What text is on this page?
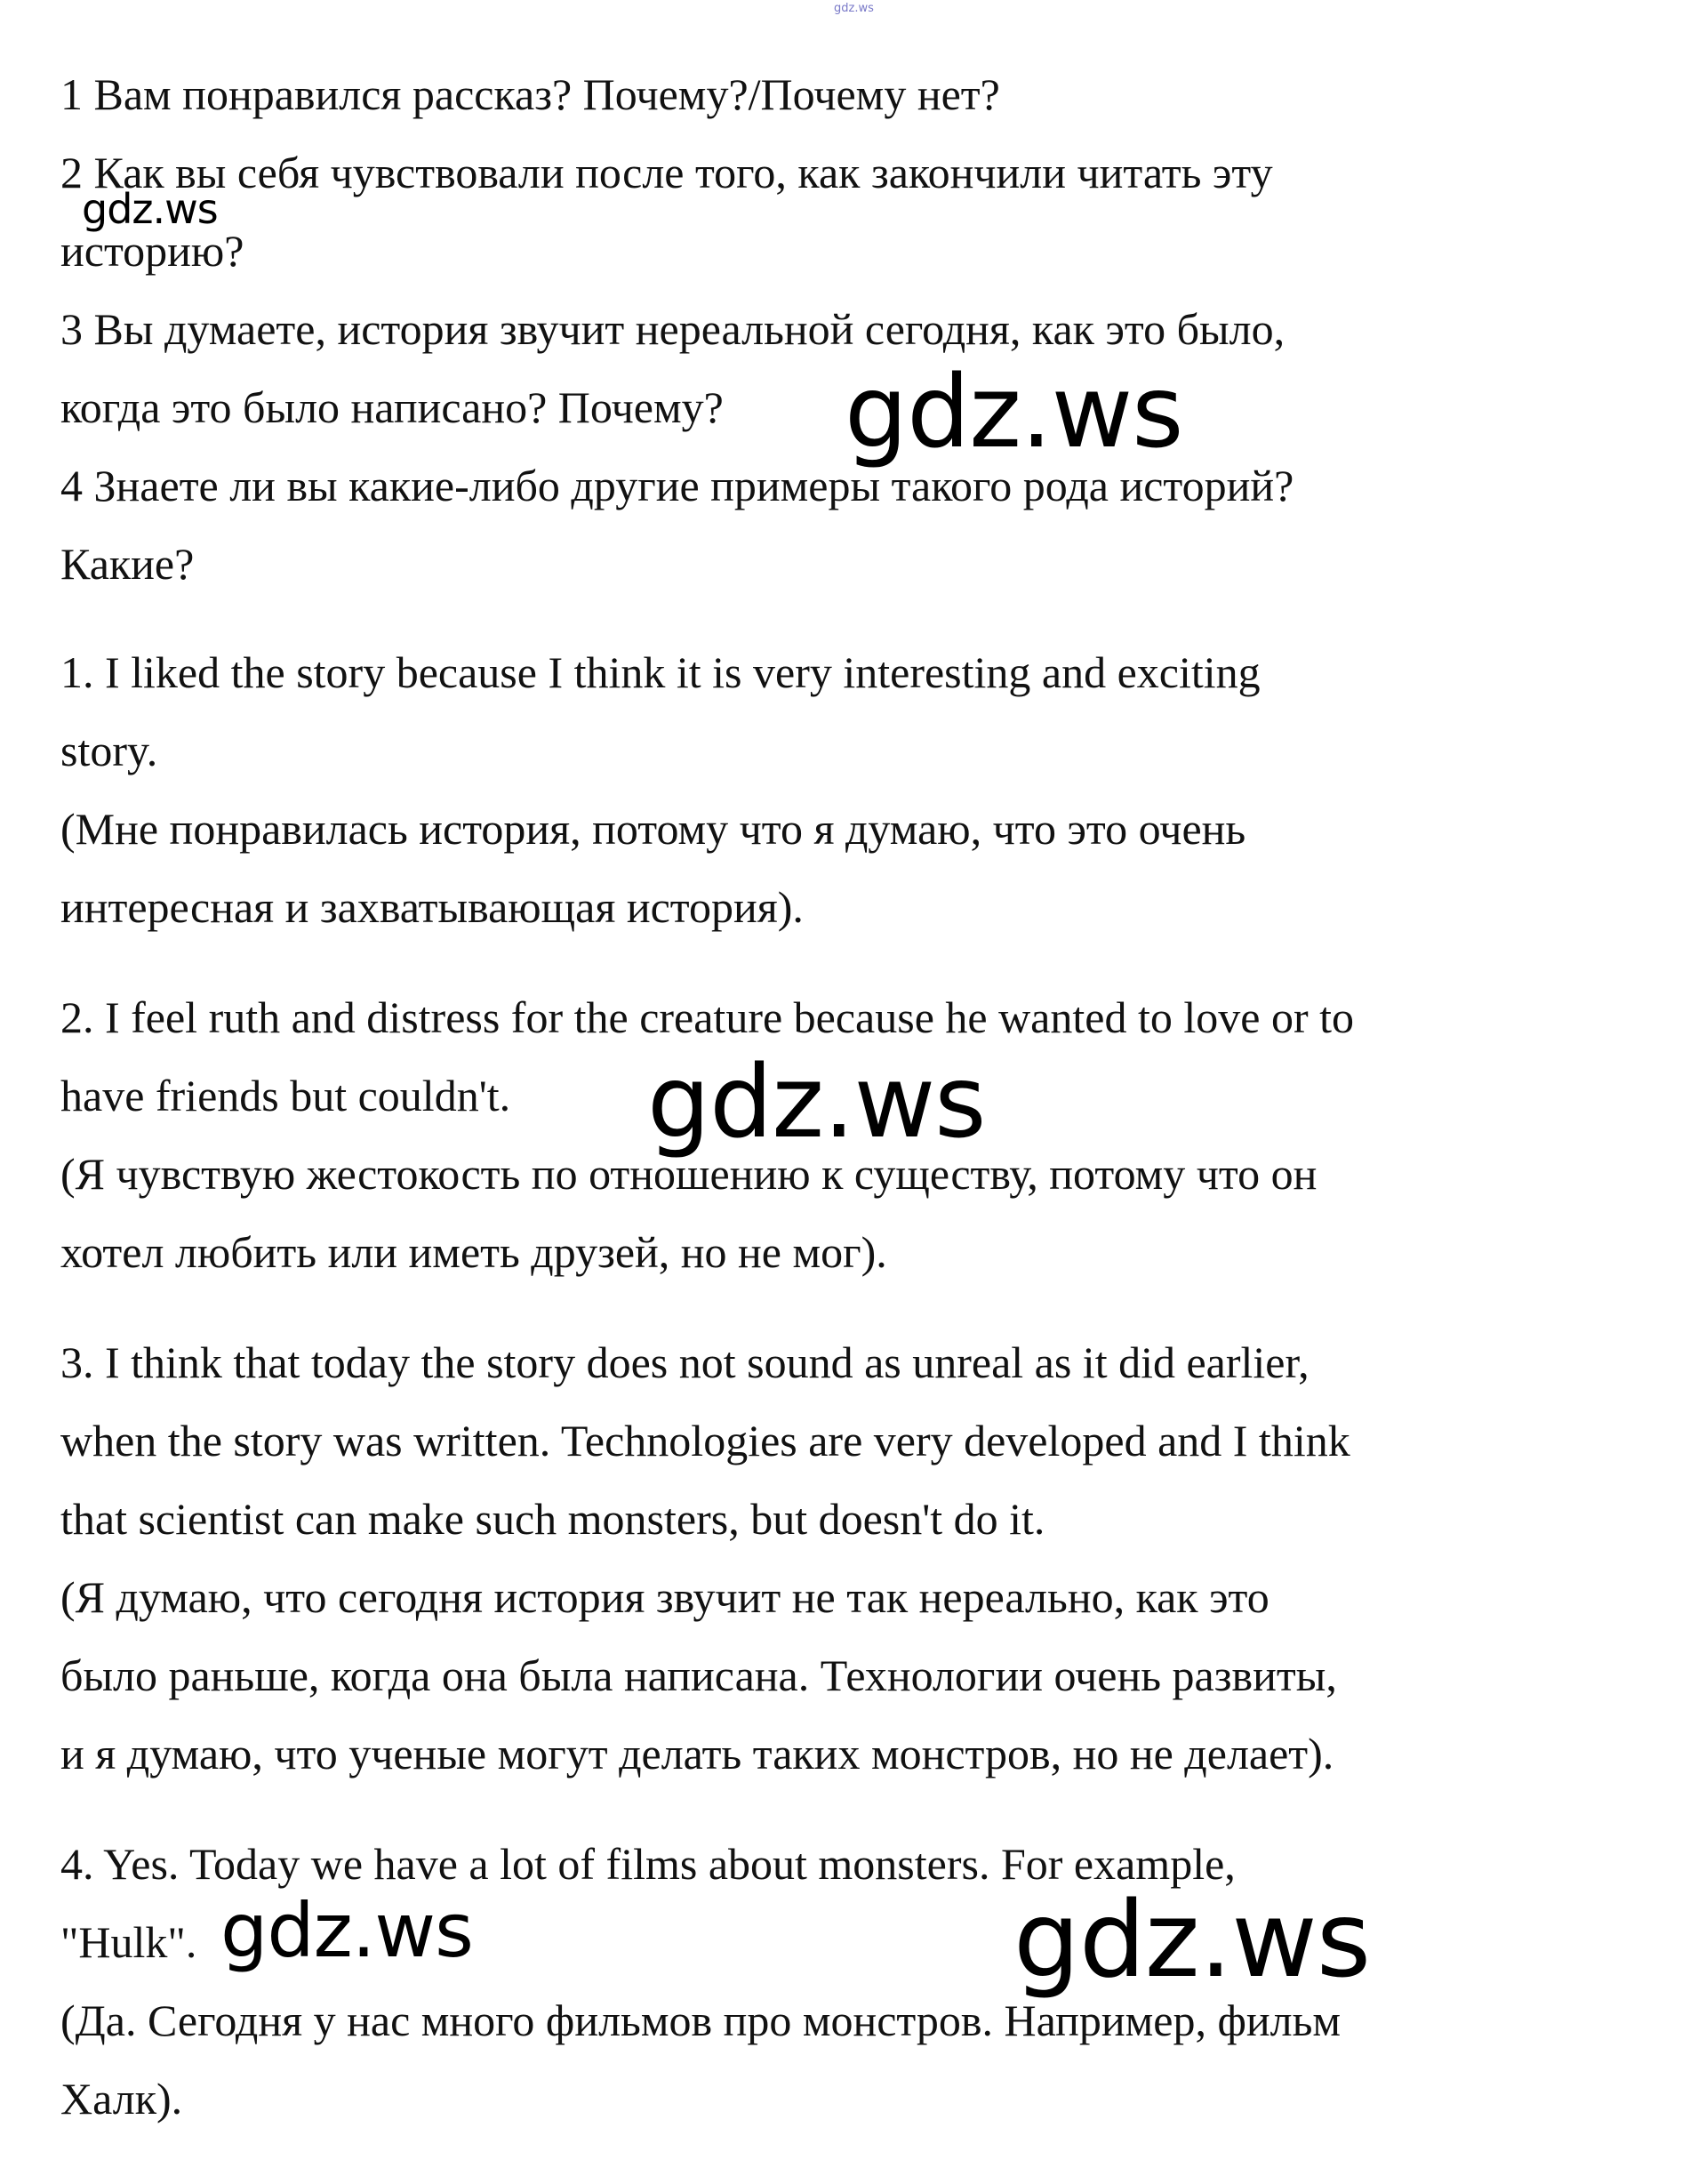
gdz.ws
1 Вам понравился рассказ? Почему?/Почему нет?
2 Как вы себя чувствовали после того, как закончили читать эту
историю?
3 Вы думаете, история звучит нереальной сегодня, как это было,
когда это было написано? Почему?
4 Знаете ли вы какие-либо другие примеры такого рода историй?
Какие?
1. I liked the story because I think it is very interesting and exciting
story.
(Мне понравилась история, потому что я думаю, что это очень
интересная и захватывающая история).
2. I feel ruth and distress for the creature because he wanted to love or to
have friends but couldn't.
(Я чувствую жестокость по отношению к существу, потому что он
хотел любить или иметь друзей, но не мог).
3. I think that today the story does not sound as unreal as it did earlier,
when the story was written. Technologies are very developed and I think
that scientist can make such monsters, but doesn't do it.
(Я думаю, что сегодня история звучит не так нереально, как это
было раньше, когда она была написана. Технологии очень развиты,
и я думаю, что ученые могут делать таких монстров, но не делает).
4. Yes. Today we have a lot of films about monsters. For example,
"Hulk".
(Да. Сегодня у нас много фильмов про монстров. Например, фильм
Халк).
gdz.ws
gdz.ws
gdz.ws
gdz.ws	gdz.ws
